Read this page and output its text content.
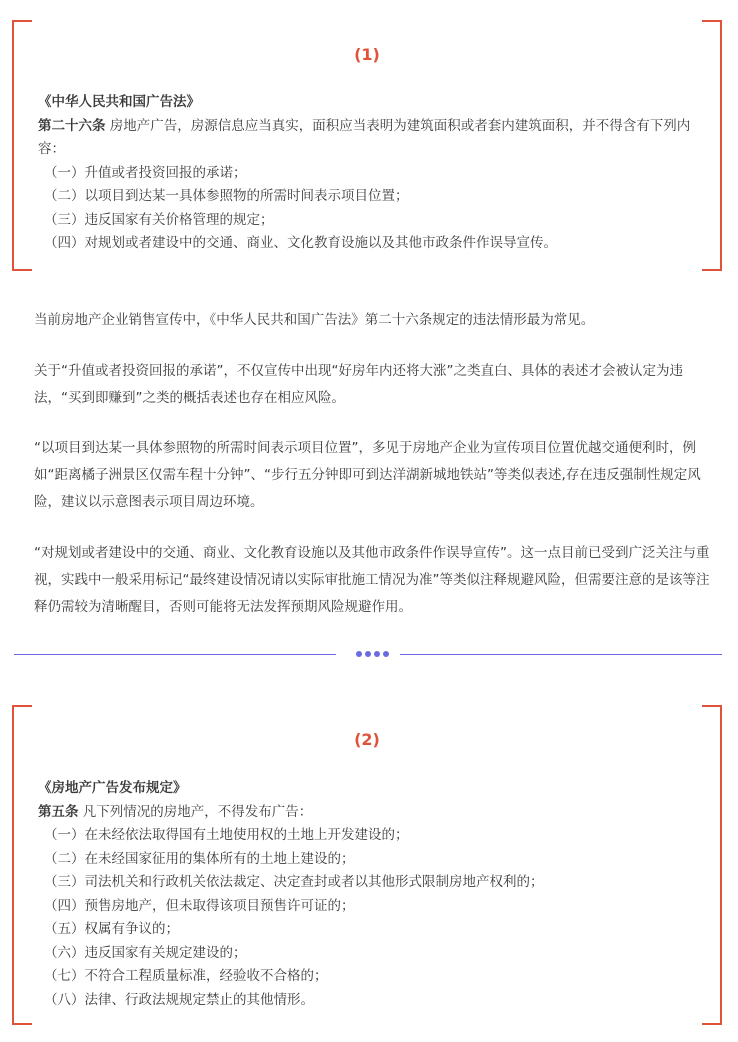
(1)
《中华人民共和国广告法》
第二十六条 房地产广告，房源信息应当真实，面积应当表明为建筑面积或者套内建筑面积，并不得含有下列内容：
（一）升值或者投资回报的承诺；
（二）以项目到达某一具体参照物的所需时间表示项目位置；
（三）违反国家有关价格管理的规定；
（四）对规划或者建设中的交通、商业、文化教育设施以及其他市政条件作误导宣传。
当前房地产企业销售宣传中，《中华人民共和国广告法》第二十六条规定的违法情形最为常见。
关于“升值或者投资回报的承诺”，不仅宣传中出现“好房年内还将大涨”之类直白、具体的表述才会被认定为违法，“买到即赚到”之类的概括表述也存在相应风险。
“以项目到达某一具体参照物的所需时间表示项目位置”，多见于房地产企业为宣传项目位置优越交通便利时，例如“距离橘子洲景区仅需车程十分钟”、“步行五分钟即可到达洋湖新城地铁站”等类似表述,存在违反强制性规定风险，建议以示意图表示项目周边环境。
“对规划或者建设中的交通、商业、文化教育设施以及其他市政条件作误导宣传”。这一点目前已受到广泛关注与重视，实践中一般采用标记“最终建设情况请以实际审批施工情况为准”等类似注释规避风险，但需要注意的是该等注释仍需较为清晰醒目，否则可能将无法发挥预期风险规避作用。
(2)
《房地产广告发布规定》
第五条 凡下列情况的房地产，不得发布广告：
（一）在未经依法取得国有土地使用权的土地上开发建设的；
（二）在未经国家征用的集体所有的土地上建设的；
（三）司法机关和行政机关依法裁定、决定查封或者以其他形式限制房地产权利的；
（四）预售房地产，但未取得该项目预售许可证的；
（五）权属有争议的；
（六）违反国家有关规定建设的；
（七）不符合工程质量标准，经验收不合格的；
（八）法律、行政法规规定禁止的其他情形。
